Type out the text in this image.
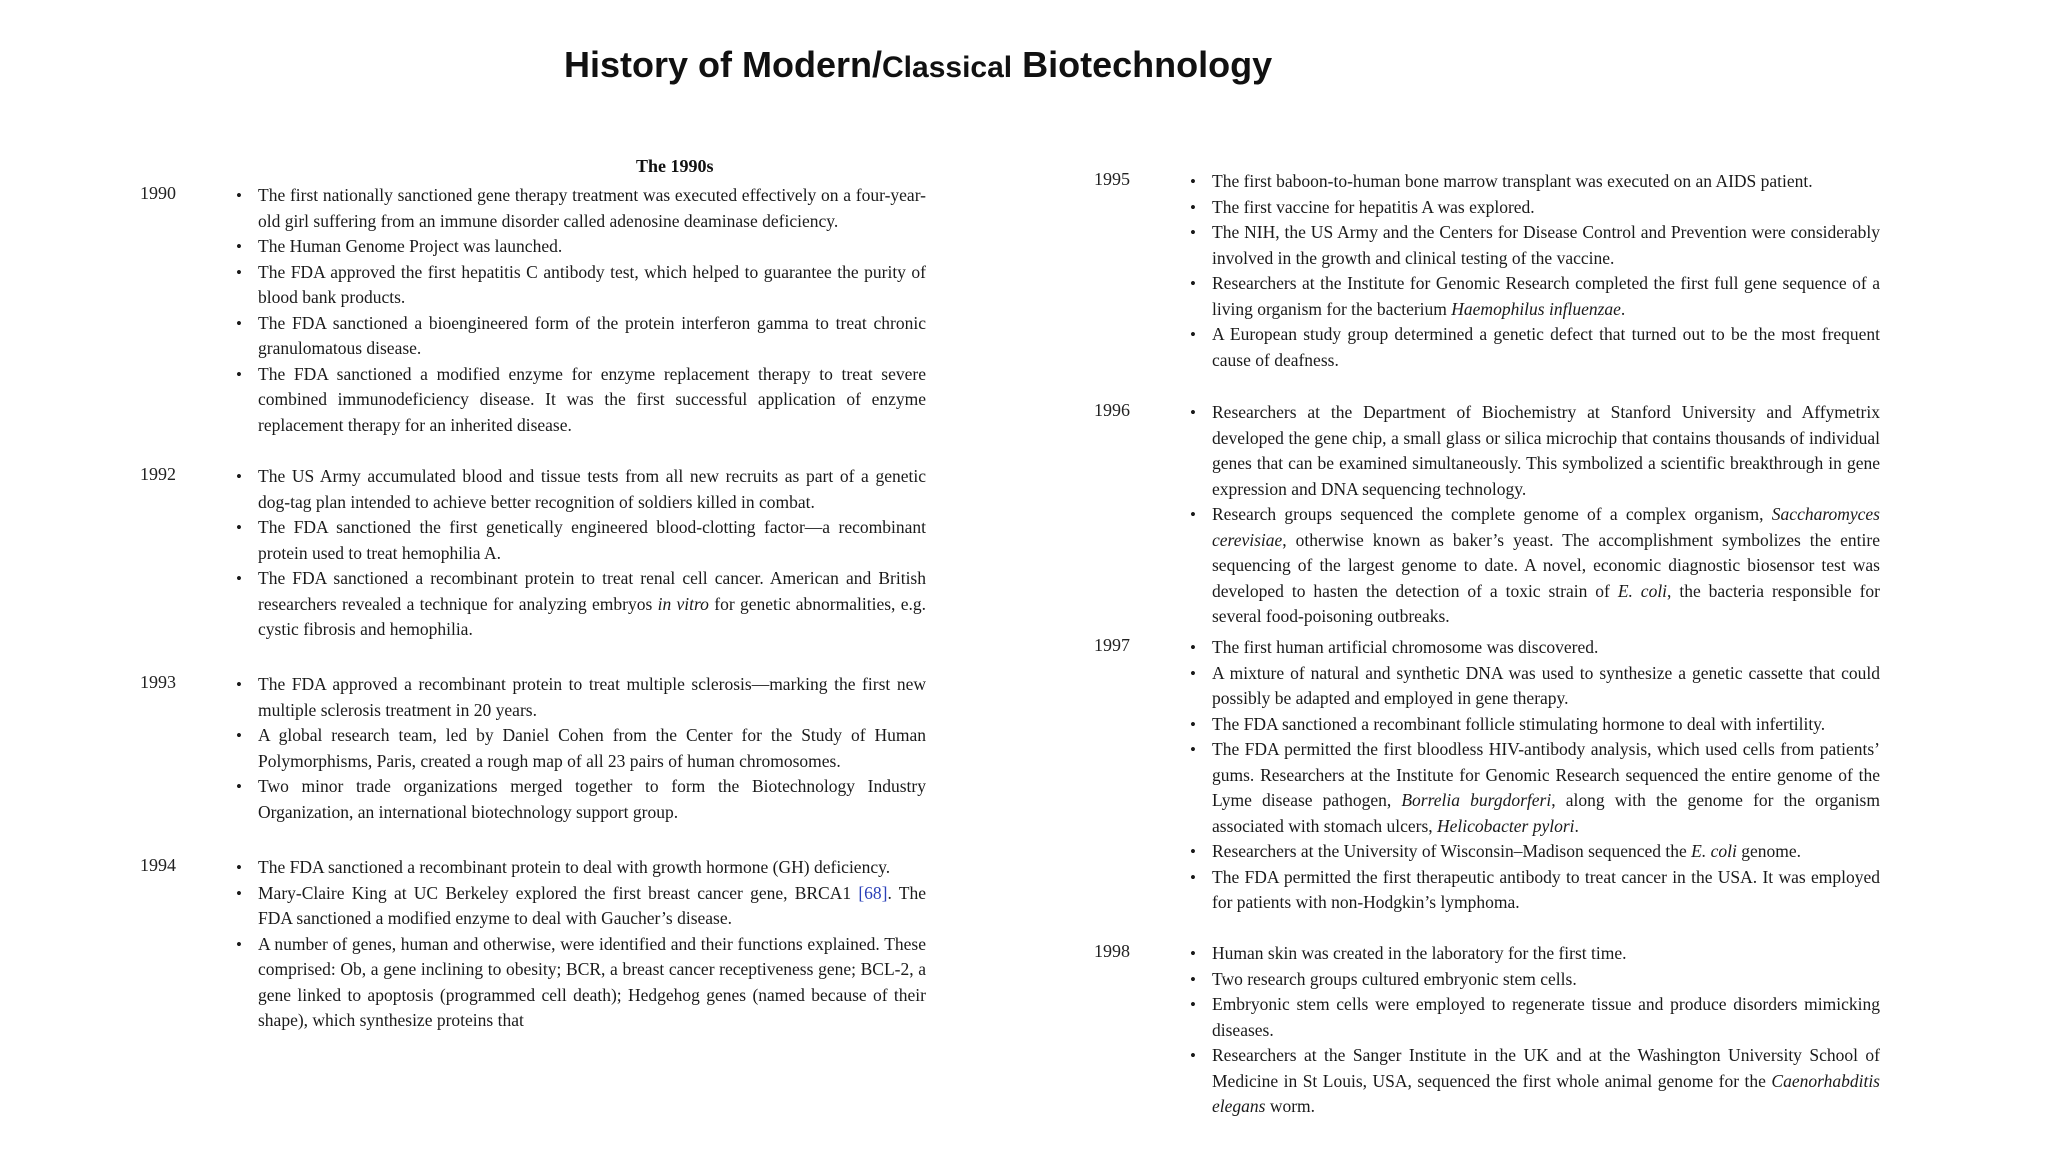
History of Modern/Classical Biotechnology
The 1990s
1990	• The first nationally sanctioned gene therapy treatment was executed effectively on a four-year-old girl suffering from an immune disorder called adenosine deaminase deficiency.
• The Human Genome Project was launched.
• The FDA approved the first hepatitis C antibody test, which helped to guarantee the purity of blood bank products.
• The FDA sanctioned a bioengineered form of the protein interferon gamma to treat chronic granulomatous disease.
• The FDA sanctioned a modified enzyme for enzyme replacement therapy to treat severe combined immunodeficiency disease. It was the first successful application of enzyme replacement therapy for an inherited disease.
1992	• The US Army accumulated blood and tissue tests from all new recruits as part of a genetic dog-tag plan intended to achieve better recognition of soldiers killed in combat.
• The FDA sanctioned the first genetically engineered blood-clotting factor—a recombinant protein used to treat hemophilia A.
• The FDA sanctioned a recombinant protein to treat renal cell cancer. American and British researchers revealed a technique for analyzing embryos in vitro for genetic abnormalities, e.g. cystic fibrosis and hemophilia.
1993	• The FDA approved a recombinant protein to treat multiple sclerosis—marking the first new multiple sclerosis treatment in 20 years.
• A global research team, led by Daniel Cohen from the Center for the Study of Human Polymorphisms, Paris, created a rough map of all 23 pairs of human chromosomes.
• Two minor trade organizations merged together to form the Biotechnology Industry Organization, an international biotechnology support group.
1994	• The FDA sanctioned a recombinant protein to deal with growth hormone (GH) deficiency.
• Mary-Claire King at UC Berkeley explored the first breast cancer gene, BRCA1 [68]. The FDA sanctioned a modified enzyme to deal with Gaucher’s disease.
• A number of genes, human and otherwise, were identified and their functions explained. These comprised: Ob, a gene inclining to obesity; BCR, a breast cancer receptiveness gene; BCL-2, a gene linked to apoptosis (programmed cell death); Hedgehog genes (named because of their shape), which synthesize proteins that
1995	• The first baboon-to-human bone marrow transplant was executed on an AIDS patient.
• The first vaccine for hepatitis A was explored.
• The NIH, the US Army and the Centers for Disease Control and Prevention were considerably involved in the growth and clinical testing of the vaccine.
• Researchers at the Institute for Genomic Research completed the first full gene sequence of a living organism for the bacterium Haemophilus influenzae.
• A European study group determined a genetic defect that turned out to be the most frequent cause of deafness.
1996	• Researchers at the Department of Biochemistry at Stanford University and Affymetrix developed the gene chip, a small glass or silica microchip that contains thousands of individual genes that can be examined simultaneously. This symbolized a scientific breakthrough in gene expression and DNA sequencing technology.
• Research groups sequenced the complete genome of a complex organism, Saccharomyces cerevisiae, otherwise known as baker’s yeast. The accomplishment symbolizes the entire sequencing of the largest genome to date. A novel, economic diagnostic biosensor test was developed to hasten the detection of a toxic strain of E. coli, the bacteria responsible for several food-poisoning outbreaks.
1997	• The first human artificial chromosome was discovered.
• A mixture of natural and synthetic DNA was used to synthesize a genetic cassette that could possibly be adapted and employed in gene therapy.
• The FDA sanctioned a recombinant follicle stimulating hormone to deal with infertility.
• The FDA permitted the first bloodless HIV-antibody analysis, which used cells from patients’ gums. Researchers at the Institute for Genomic Research sequenced the entire genome of the Lyme disease pathogen, Borrelia burgdorferi, along with the genome for the organism associated with stomach ulcers, Helicobacter pylori.
• Researchers at the University of Wisconsin–Madison sequenced the E. coli genome.
• The FDA permitted the first therapeutic antibody to treat cancer in the USA. It was employed for patients with non-Hodgkin’s lymphoma.
1998	• Human skin was created in the laboratory for the first time.
• Two research groups cultured embryonic stem cells.
• Embryonic stem cells were employed to regenerate tissue and produce disorders mimicking diseases.
• Researchers at the Sanger Institute in the UK and at the Washington University School of Medicine in St Louis, USA, sequenced the first whole animal genome for the Caenorhabditis elegans worm.
